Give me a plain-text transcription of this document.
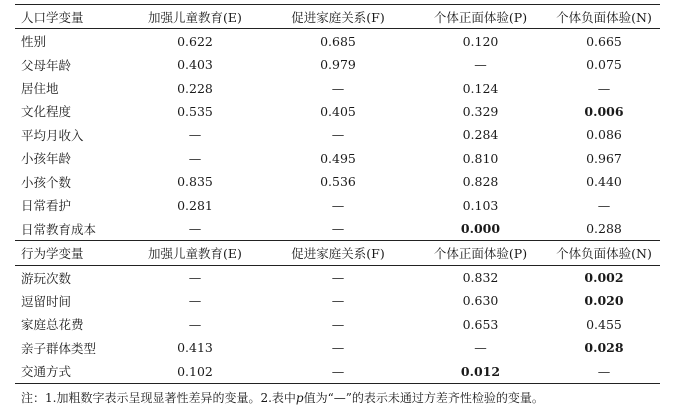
人口学变量	加强儿童教育(E)	促进家庭关系(F)	个体正面体验(P)	个体负面体验(N)
性别	0.622	0.685	0.120	0.665
父母年龄	0.403	0.979	—	0.075
居住地	0.228	—	0.124	—
文化程度	0.535	0.405	0.329	0.006
平均月收入	—	—	0.284	0.086
小孩年龄	—	0.495	0.810	0.967
小孩个数	0.835	0.536	0.828	0.440
日常看护	0.281	—	0.103	—
日常教育成本	—	—	0.000	0.288
行为学变量	加强儿童教育(E)	促进家庭关系(F)	个体正面体验(P)	个体负面体验(N)
游玩次数	—	—	0.832	0.002
逗留时间	—	—	0.630	0.020
家庭总花费	—	—	0.653	0.455
亲子群体类型	0.413	—	—	0.028
交通方式	0.102	—	0.012	—
注：1.加粗数字表示呈现显著性差异的变量。2.表中p值为“—”的表示未通过方差齐性检验的变量。
